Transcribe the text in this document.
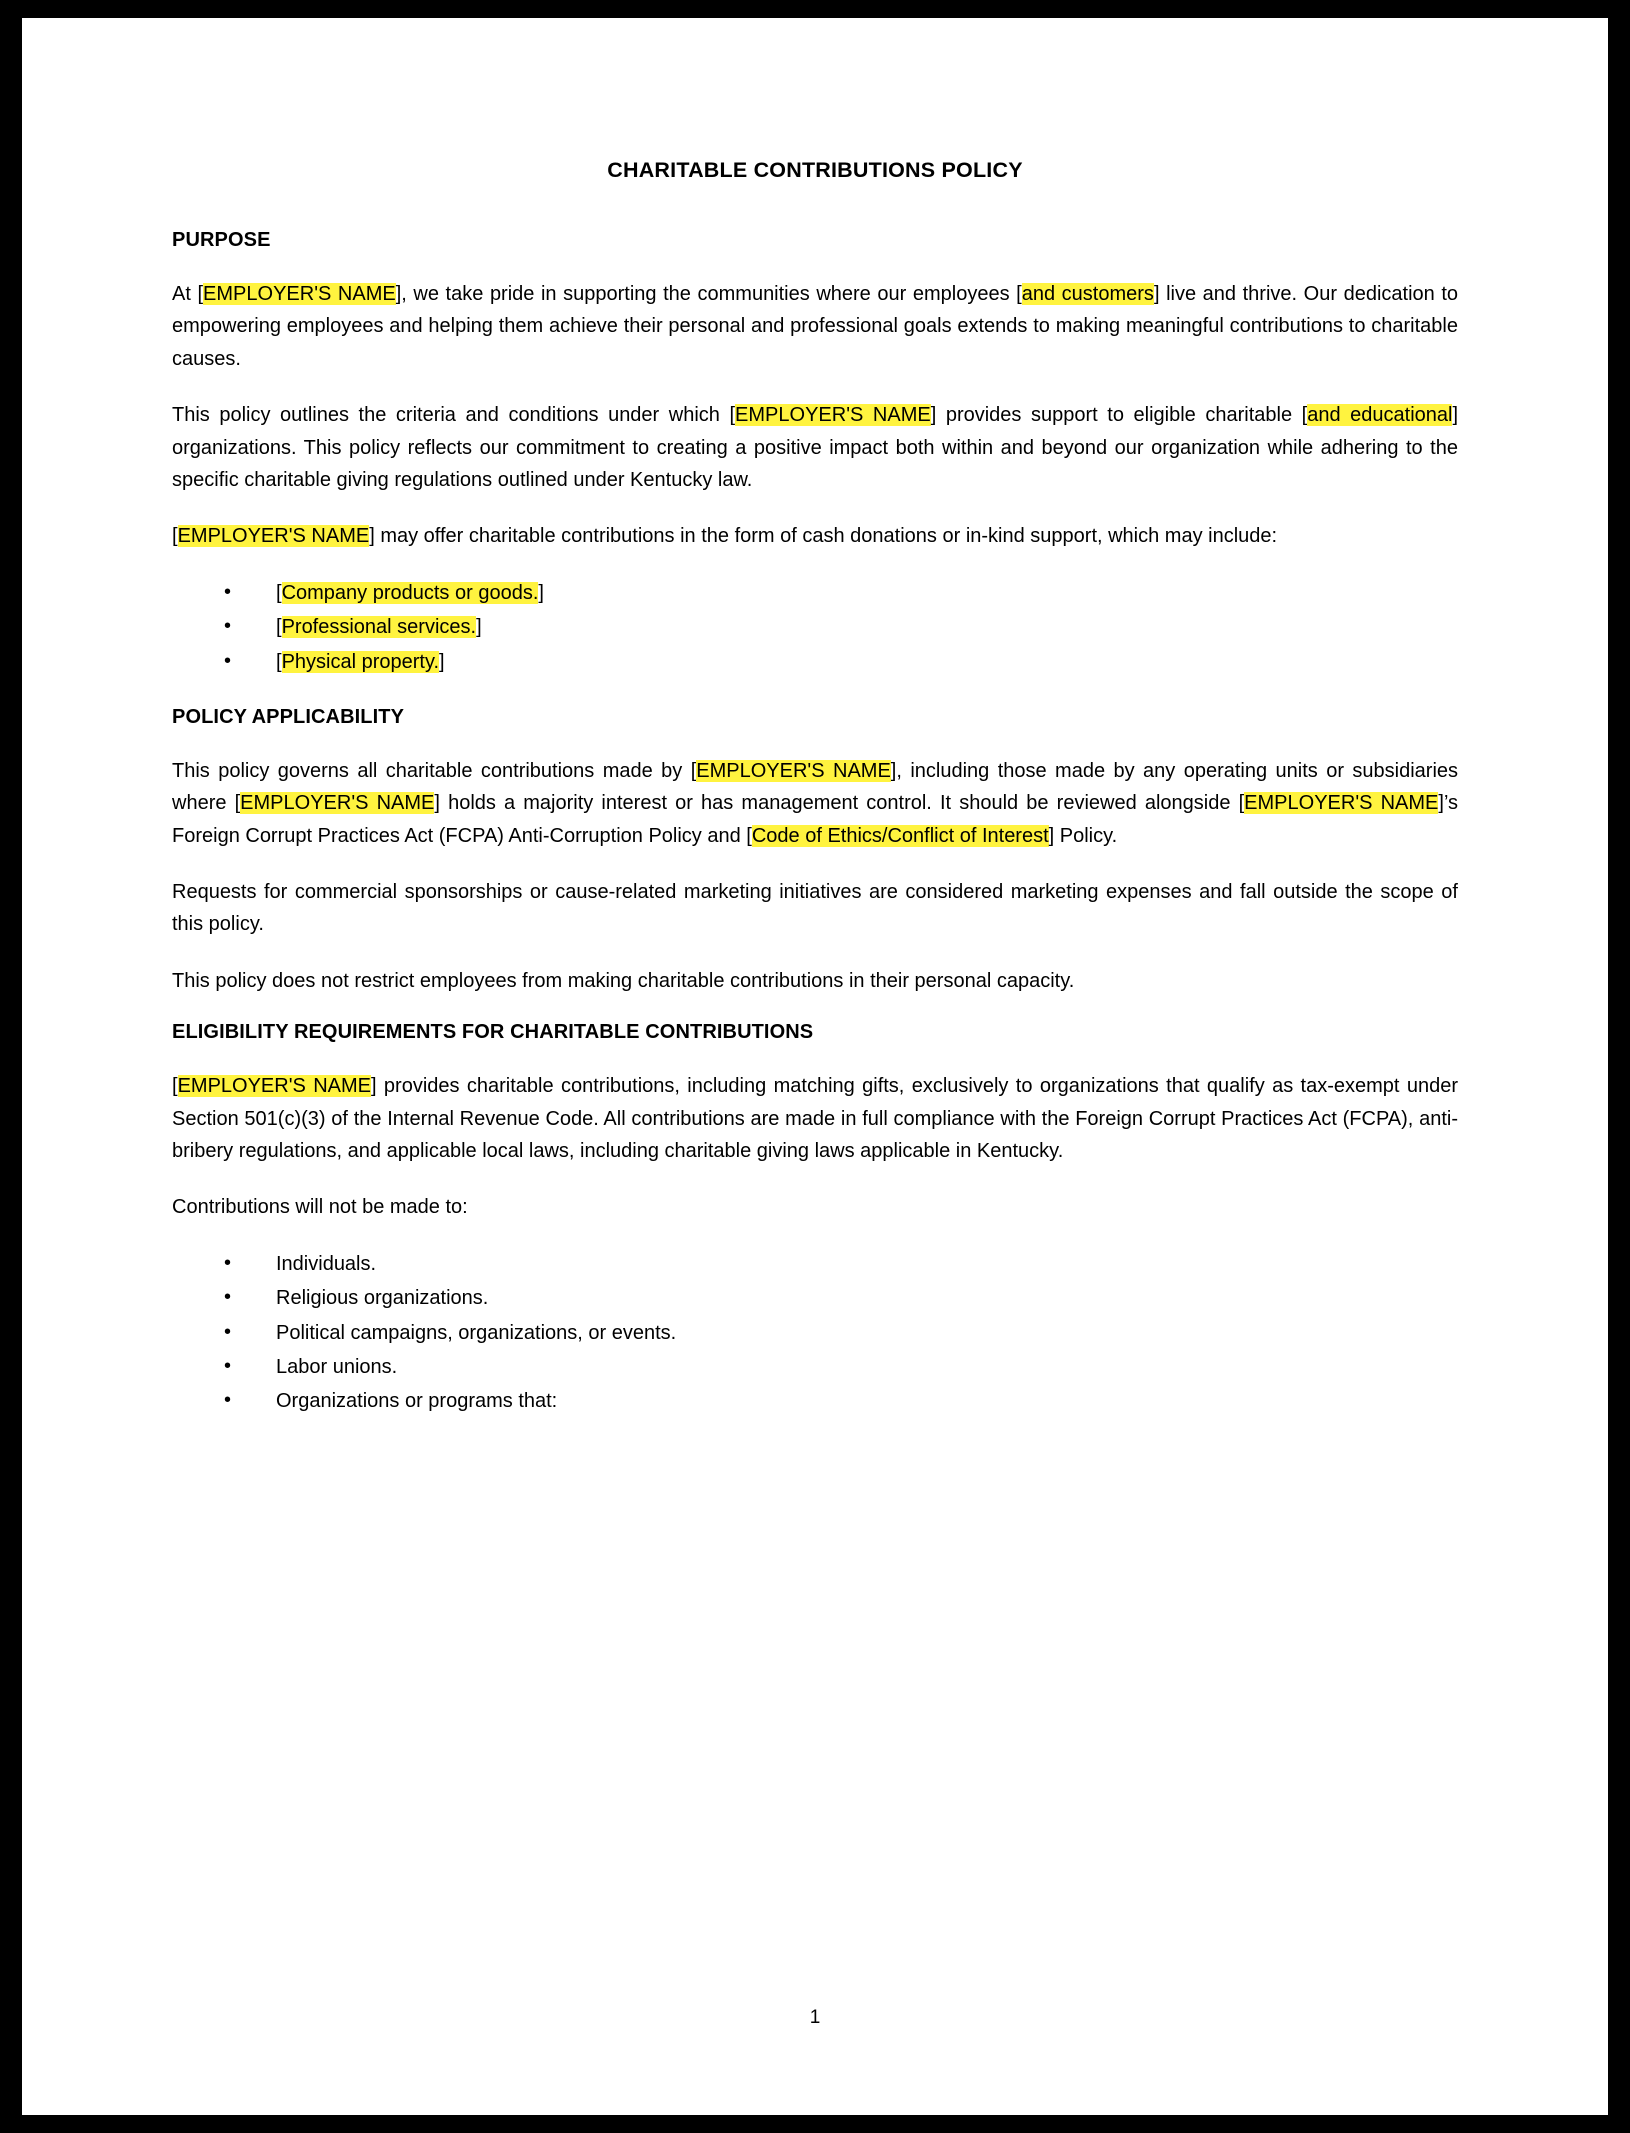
CHARITABLE CONTRIBUTIONS POLICY
PURPOSE

At [EMPLOYER'S NAME], we take pride in supporting the communities where our employees [and customers] live and thrive. Our dedication to empowering employees and helping them achieve their personal and professional goals extends to making meaningful contributions to charitable causes.

This policy outlines the criteria and conditions under which [EMPLOYER'S NAME] provides support to eligible charitable [and educational] organizations. This policy reflects our commitment to creating a positive impact both within and beyond our organization while adhering to the specific charitable giving regulations outlined under Kentucky law.

[EMPLOYER'S NAME] may offer charitable contributions in the form of cash donations or in-kind support, which may include:

• [Company products or goods.]
• [Professional services.]
• [Physical property.]
POLICY APPLICABILITY

This policy governs all charitable contributions made by [EMPLOYER'S NAME], including those made by any operating units or subsidiaries where [EMPLOYER'S NAME] holds a majority interest or has management control. It should be reviewed alongside [EMPLOYER'S NAME]’s Foreign Corrupt Practices Act (FCPA) Anti-Corruption Policy and [Code of Ethics/Conflict of Interest] Policy.

Requests for commercial sponsorships or cause-related marketing initiatives are considered marketing expenses and fall outside the scope of this policy.

This policy does not restrict employees from making charitable contributions in their personal capacity.

ELIGIBILITY REQUIREMENTS FOR CHARITABLE CONTRIBUTIONS

[EMPLOYER'S NAME] provides charitable contributions, including matching gifts, exclusively to organizations that qualify as tax-exempt under Section 501(c)(3) of the Internal Revenue Code. All contributions are made in full compliance with the Foreign Corrupt Practices Act (FCPA), anti-bribery regulations, and applicable local laws, including charitable giving laws applicable in Kentucky.

Contributions will not be made to:

• Individuals.
• Religious organizations.
• Political campaigns, organizations, or events.
• Labor unions.
• Organizations or programs that:
1
